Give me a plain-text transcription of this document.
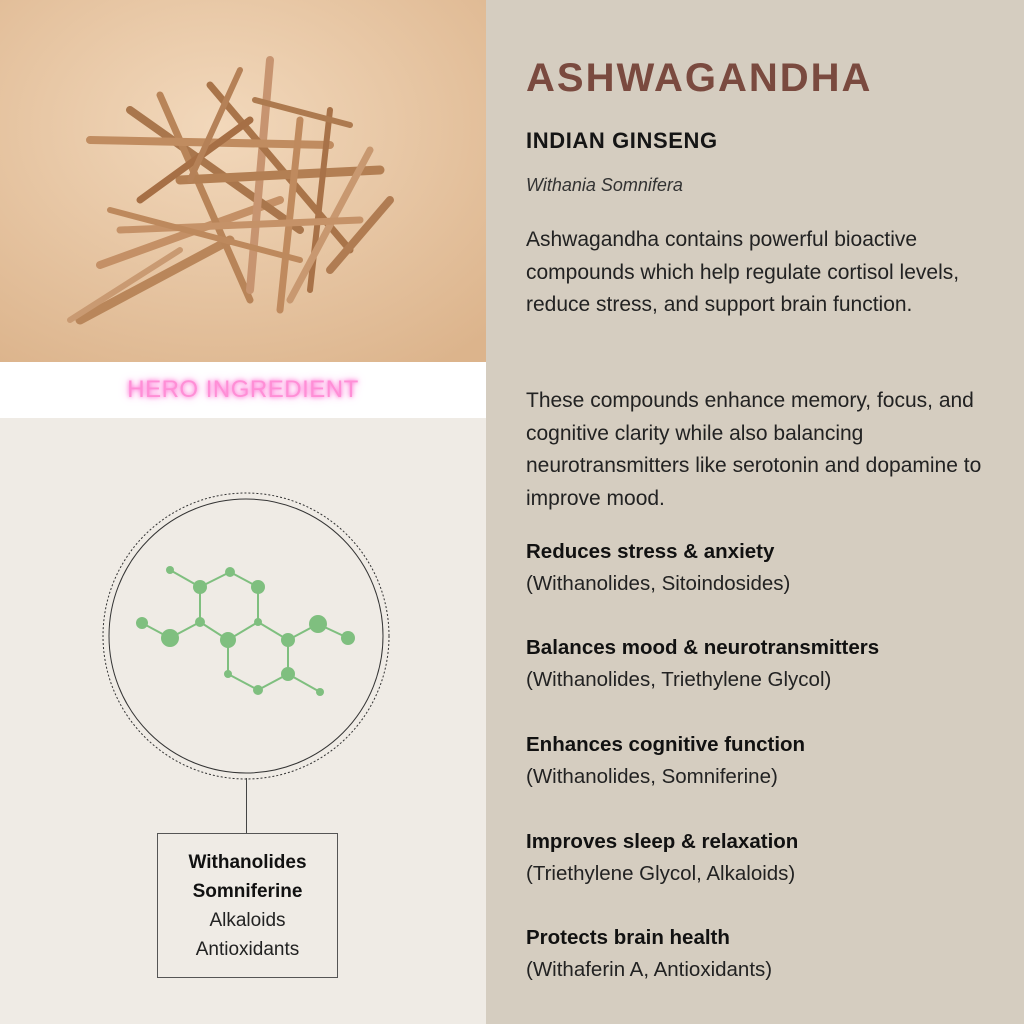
HERO INGREDIENT
Withanolides
Somniferine
Alkaloids
Antioxidants
ASHWAGANDHA
INDIAN GINSENG
Withania Somnifera

Ashwagandha contains powerful bioactive compounds which help regulate cortisol levels, reduce stress, and support brain function.

These compounds enhance memory, focus, and cognitive clarity while also balancing neurotransmitters like serotonin and dopamine to improve mood.

Reduces stress & anxiety
(Withanolides, Sitoindosides)
Balances mood & neurotransmitters
(Withanolides, Triethylene Glycol)
Enhances cognitive function
(Withanolides, Somniferine)
Improves sleep & relaxation
(Triethylene Glycol, Alkaloids)
Protects brain health
(Withaferin A, Antioxidants)
